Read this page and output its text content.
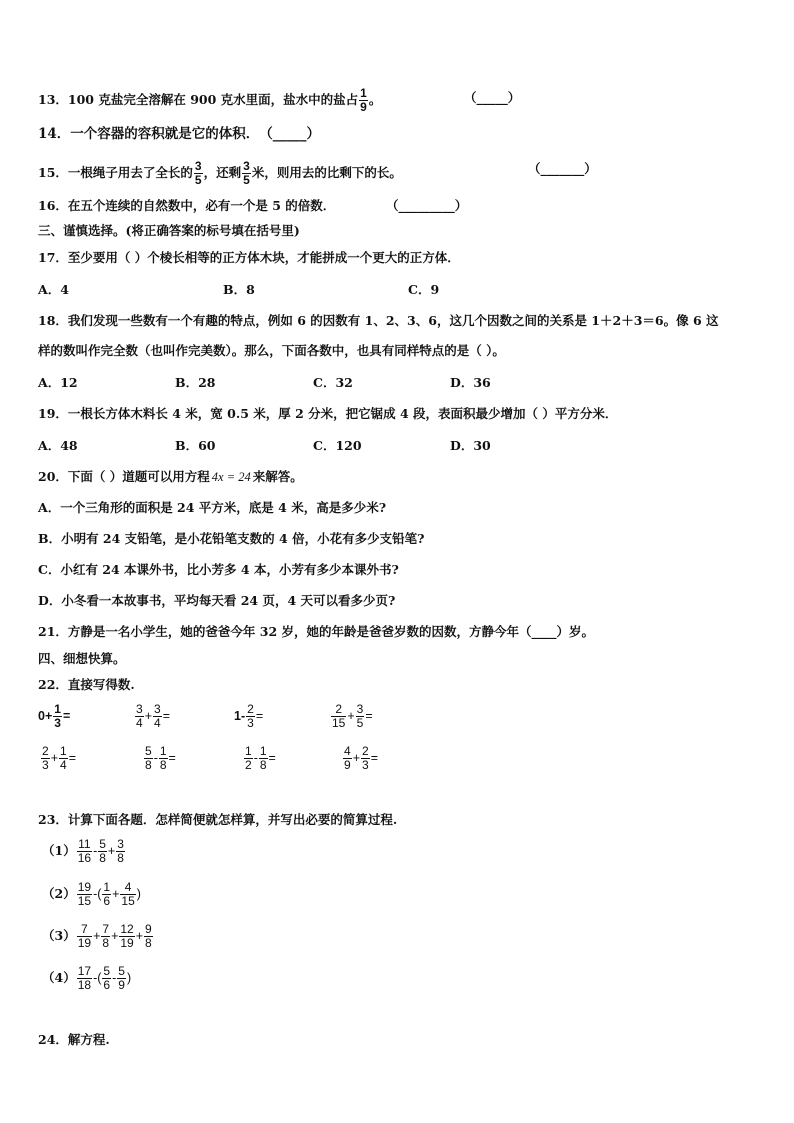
13．100 克盐完全溶解在 900 克水里面，盐水中的盐占 $\frac{1}{9}$ 。	（_____）
14．一个容器的容积就是它的体积．（_____）
15．一根绳子用去了全长的 $\frac{3}{5}$ ，还剩 $\frac{3}{5}$ 米，则用去的比剩下的长。	（_______）
16．在五个连续的自然数中，必有一个是 5 的倍数．	（_________）
三、谨慎选择。(将正确答案的标号填在括号里)
17．至少要用（ ）个棱长相等的正方体木块，才能拼成一个更大的正方体．
A．4	B．8	C．9
18．我们发现一些数有一个有趣的特点，例如 6 的因数有 1、2、3、6，这几个因数之间的关系是 1＋2＋3＝6。像 6 这
样的数叫作完全数（也叫作完美数）。那么，下面各数中，也具有同样特点的是（ ）。
A．12	B．28	C．32	D．36
19．一根长方体木料长 4 米，宽 0.5 米，厚 2 分米，把它锯成 4 段，表面积最少增加（ ）平方分米．
A．48	B．60	C．120	D．30
20．下面（ ）道题可以用方程 4x = 24 来解答。
A．一个三角形的面积是 24 平方米，底是 4 米，高是多少米?
B．小明有 24 支铅笔，是小花铅笔支数的 4 倍，小花有多少支铅笔?
C．小红有 24 本课外书，比小芳多 4 本，小芳有多少本课外书?
D．小冬看一本故事书，平均每天看 24 页，4 天可以看多少页?
21．方静是一名小学生，她的爸爸今年 32 岁，她的年龄是爸爸岁数的因数，方静今年（____）岁。
四、细想快算。
22．直接写得数.
$0+ \frac{1}{3}$ =	$\frac{3}{4} + \frac{3}{4}$ =	$1- \frac{2}{3}$ =	$\frac{2}{15} + \frac{3}{5}$ =
$\frac{2}{3} + \frac{1}{4}$ =	$\frac{5}{8} - \frac{1}{8}$ =	$\frac{1}{2} - \frac{1}{8}$ =	$\frac{4}{9} + \frac{2}{3}$ =
23．计算下面各题．怎样简便就怎样算，并写出必要的简算过程.
$(1) \frac{11}{16} - \frac{5}{8} + \frac{3}{8}$
$(2) \frac{19}{15}$ -( $\frac{1}{6} + \frac{4}{15}$ )
$(3) \frac{7}{19} + \frac{7}{8} + \frac{12}{19} + \frac{9}{8}$
$(4) \frac{17}{18}$ -( $\frac{5}{6} - \frac{5}{9}$ )
24．解方程.
